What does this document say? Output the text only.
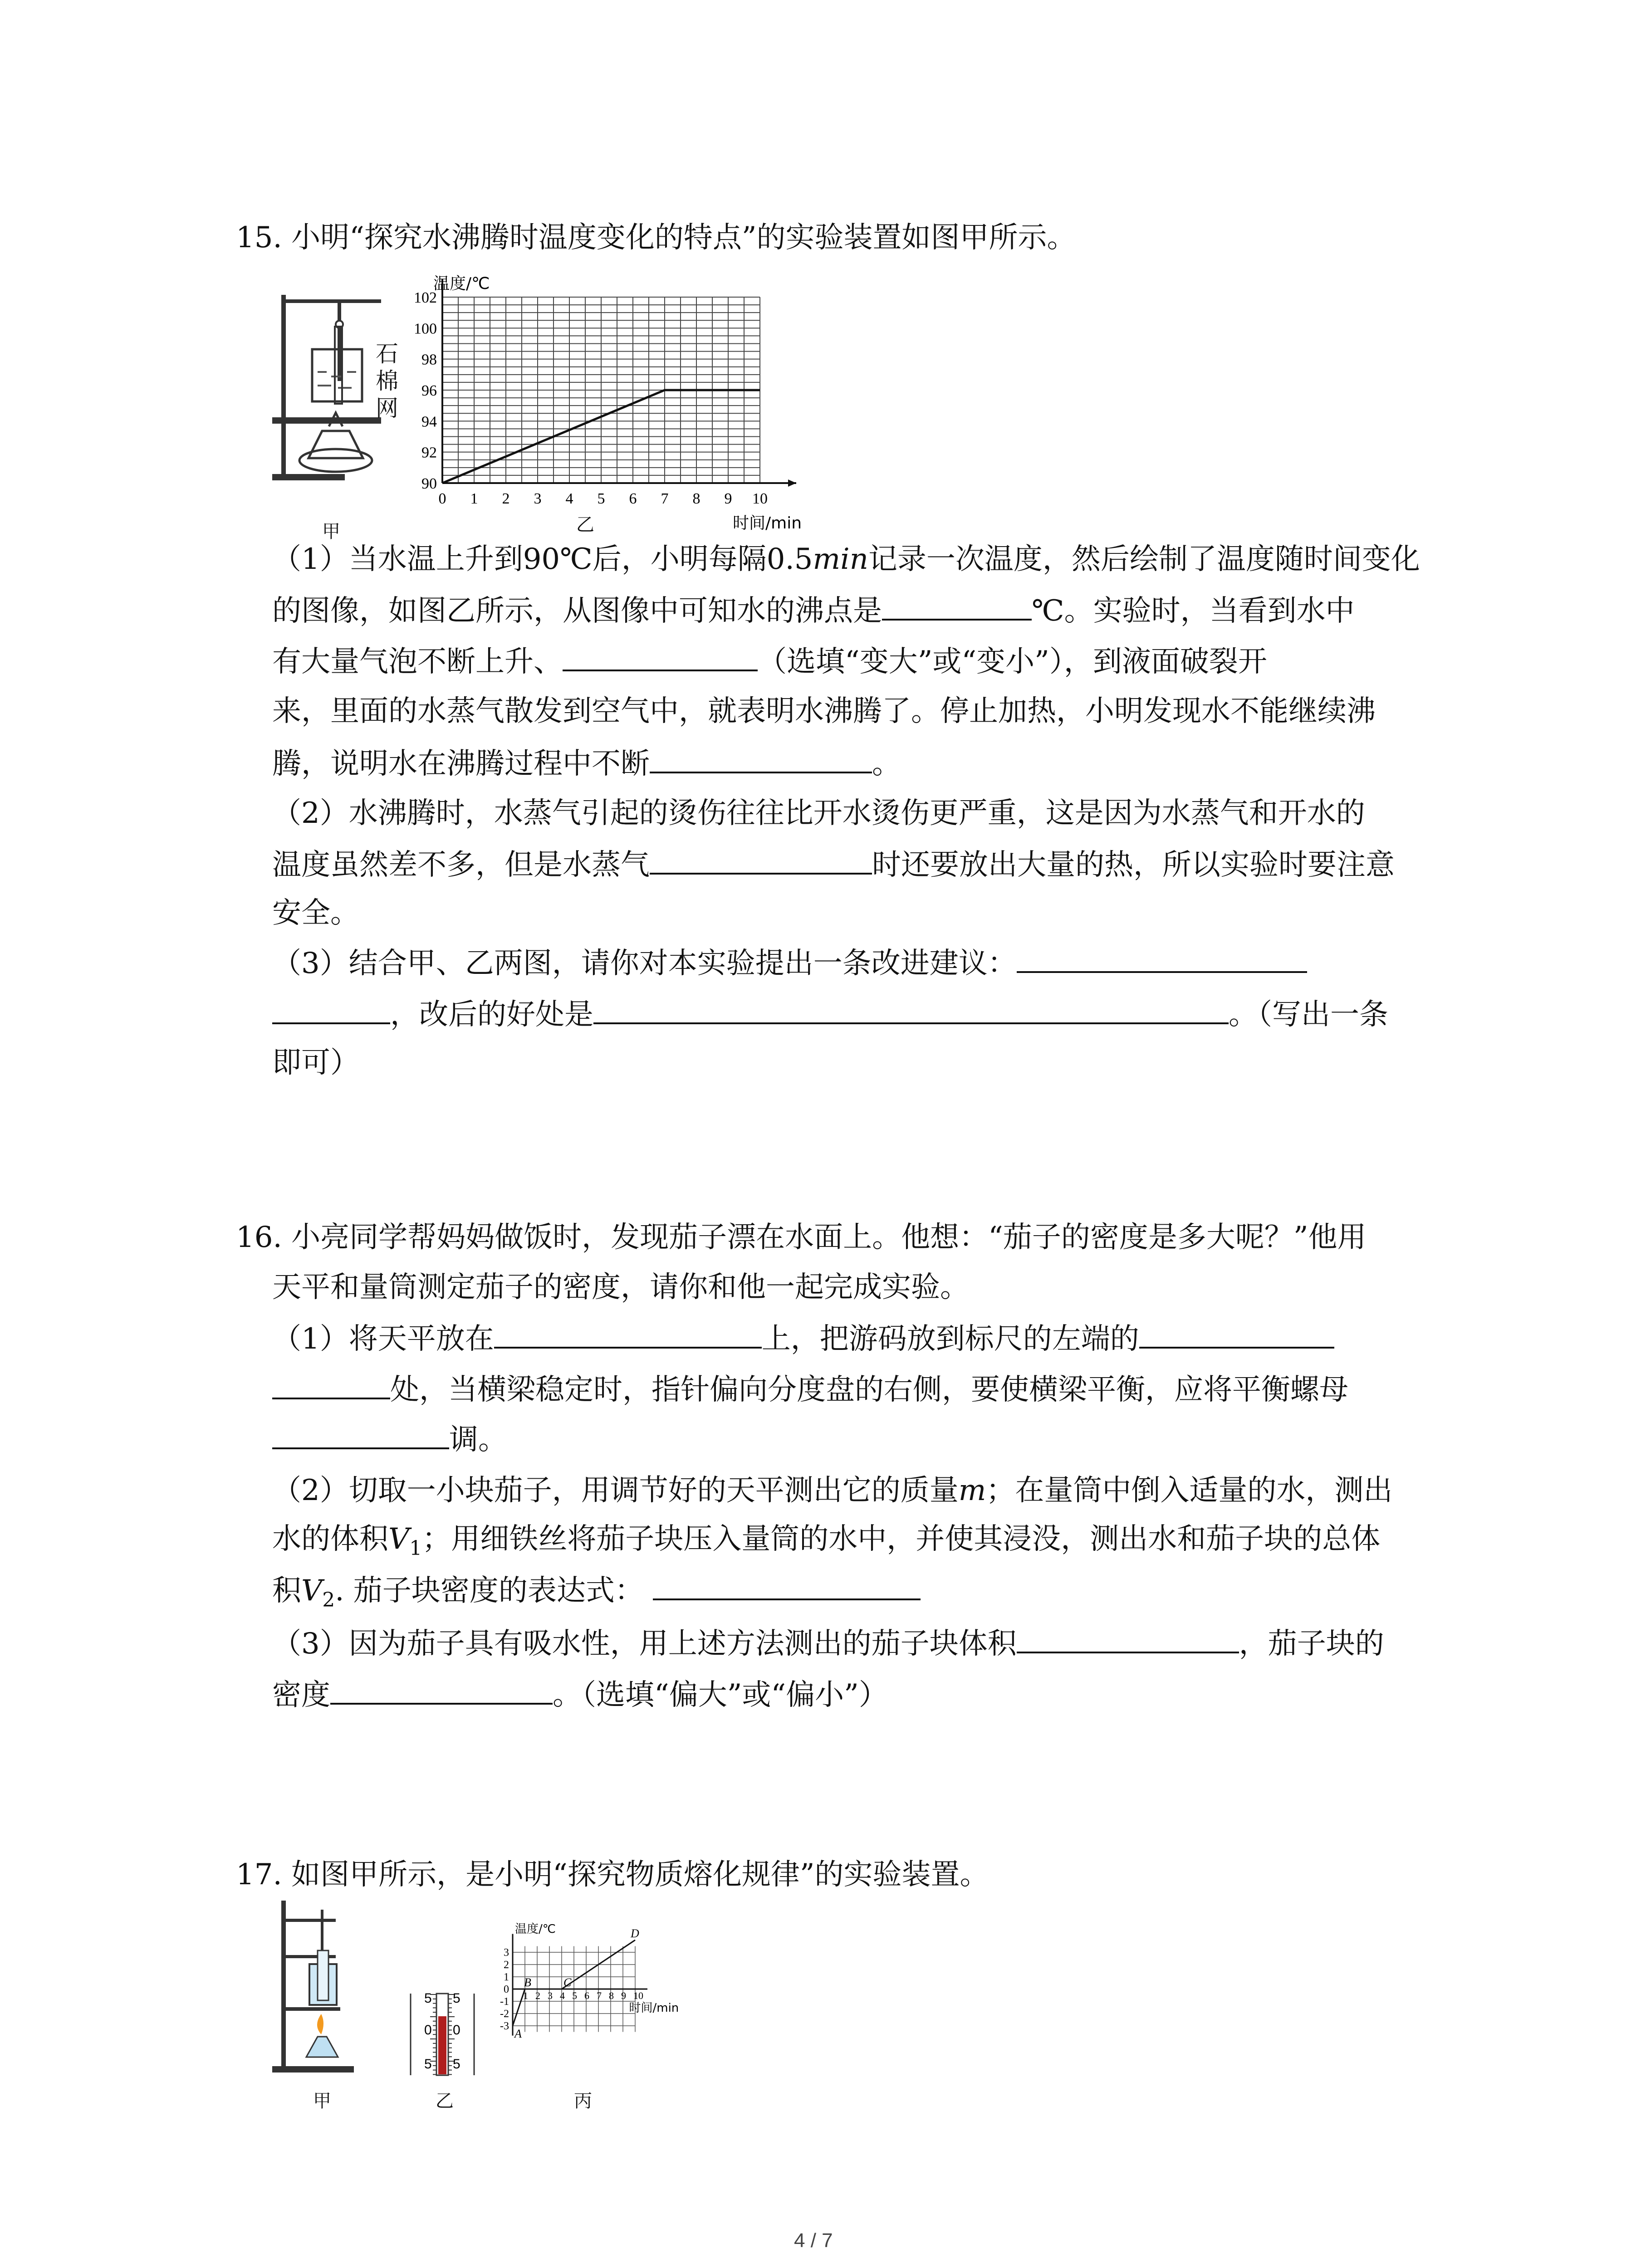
15. 小明“探究水沸腾时温度变化的特点”的实验装置如图甲所示。
甲
石棉网
90
92
94
96
98
100
102
0 1 2 3 4 5 6 7 8 9 10
温度/℃
时间/min
乙
（1）当水温上升到90℃后，小明每隔0.5min记录一次温度，然后绘制了温度随时间变化
的图像，如图乙所示，从图像中可知水的沸点是	℃。实验时，当看到水中
有大量气泡不断上升、	（选填“变大”或“变小”），到液面破裂开
来，里面的水蒸气散发到空气中，就表明水沸腾了。停止加热，小明发现水不能继续沸
腾，说明水在沸腾过程中不断	。
（2）水沸腾时，水蒸气引起的烫伤往往比开水烫伤更严重，这是因为水蒸气和开水的
温度虽然差不多，但是水蒸气	时还要放出大量的热，所以实验时要注意
安全。
（3）结合甲、乙两图，请你对本实验提出一条改进建议：
，改后的好处是	。（写出一条
即可）
16. 小亮同学帮妈妈做饭时，发现茄子漂在水面上。他想：“茄子的密度是多大呢？”他用
天平和量筒测定茄子的密度，请你和他一起完成实验。
（1）将天平放在	上，把游码放到标尺的左端的
处，当横梁稳定时，指针偏向分度盘的右侧，要使横梁平衡，应将平衡螺母
调。
（2）切取一小块茄子，用调节好的天平测出它的质量m；在量筒中倒入适量的水，测出
水的体积$V_1$；用细铁丝将茄子块压入量筒的水中，并使其浸没，测出水和茄子块的总体
积$V_2$. 茄子块密度的表达式：
（3）因为茄子具有吸水性，用上述方法测出的茄子块体积	，茄子块的
密度	。（选填“偏大”或“偏小”）
17. 如图甲所示，是小明“探究物质熔化规律”的实验装置。
甲
5
0
5
5
0
5
乙
3
2
1
0
-1
-2
-3
1 2 3 4 5 6 7 8 9 10
温度/℃
时间/min
A
B	C
D
丙
4 / 7
